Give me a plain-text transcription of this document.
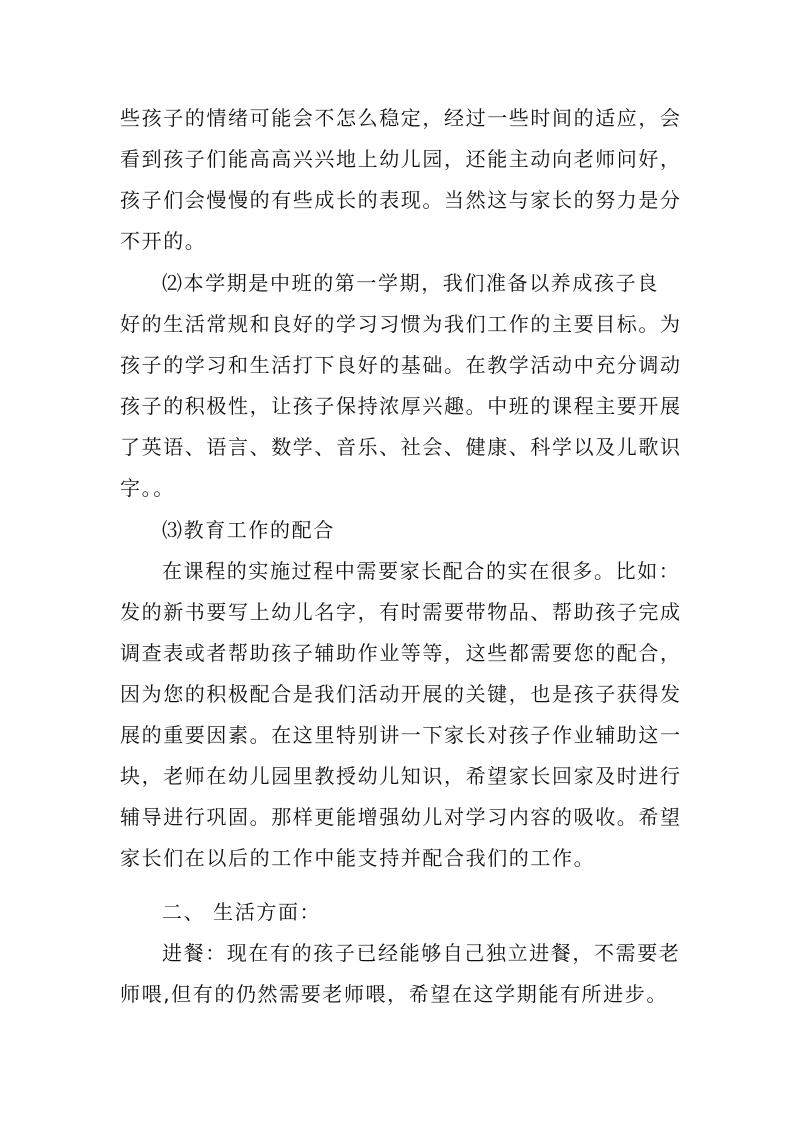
些孩子的情绪可能会不怎么稳定，经过一些时间的适应，会
看到孩子们能高高兴兴地上幼儿园，还能主动向老师问好，
孩子们会慢慢的有些成长的表现。当然这与家长的努力是分
不开的。
⑵本学期是中班的第一学期，我们准备以养成孩子良
好的生活常规和良好的学习习惯为我们工作的主要目标。为
孩子的学习和生活打下良好的基础。在教学活动中充分调动
孩子的积极性，让孩子保持浓厚兴趣。中班的课程主要开展
了英语、语言、数学、音乐、社会、健康、科学以及儿歌识
字。。
⑶教育工作的配合
在课程的实施过程中需要家长配合的实在很多。比如：
发的新书要写上幼儿名字，有时需要带物品、帮助孩子完成
调查表或者帮助孩子辅助作业等等，这些都需要您的配合，
因为您的积极配合是我们活动开展的关键，也是孩子获得发
展的重要因素。在这里特别讲一下家长对孩子作业辅助这一
块，老师在幼儿园里教授幼儿知识，希望家长回家及时进行
辅导进行巩固。那样更能增强幼儿对学习内容的吸收。希望
家长们在以后的工作中能支持并配合我们的工作。
二、 生活方面：
进餐：现在有的孩子已经能够自己独立进餐，不需要老
师喂,但有的仍然需要老师喂，希望在这学期能有所进步。
